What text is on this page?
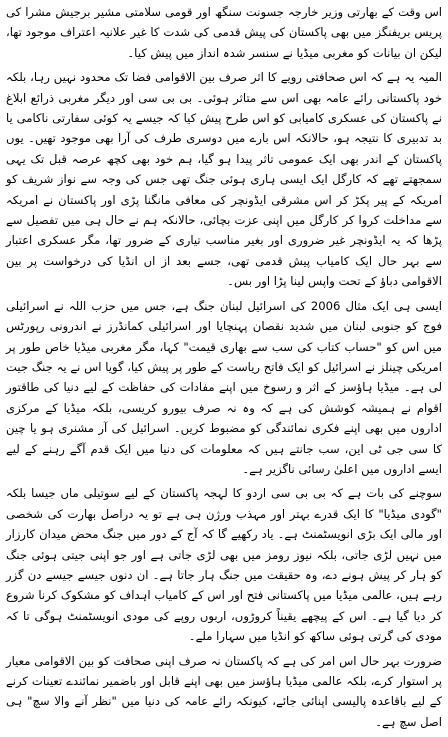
اس وقت کے بھارتی وزیر خارجہ جسونت سنگھ اور قومی سلامتی مشیر برجیش مشرا کی پریس بریفنگز میں بھی پاکستان کی پیش قدمی کی شدت کا غیر علانیہ اعتراف موجود تھا، لیکن ان بیانات کو مغربی میڈیا نے سنسر شدہ انداز میں پیش کیا۔

المیہ یہ ہے کہ اس صحافتی رویے کا اثر صرف بین الاقوامی فضا تک محدود نہیں رہا، بلکہ خود پاکستانی رائے عامہ بھی اس سے متاثر ہوئی۔ بی بی سی اور دیگر مغربی ذرائع ابلاغ نے پاکستان کی عسکری کامیابی کو اس طرح پیش کیا کہ جیسے یہ کوئی سفارتی ناکامی یا بد تدبیری کا نتیجہ ہو، حالانکہ اس بارے میں دوسری طرف کی آرا بھی موجود تھیں۔ یوں پاکستان کے اندر بھی ایک عمومی تاثر پیدا ہو گیا، ہم خود بھی کچھ عرصہ قبل تک یہی سمجھتے تھے کہ کارگل ایک ایسی ہاری ہوئی جنگ تھی جس کی وجہ سے نواز شریف کو امریکہ کے پیر پکڑ کر اس مشرقی ایڈونچر کی معافی مانگنا پڑی اور پاکستان نے امریکہ سے مداخلت کروا کر کارگل میں اپنی عزت بچائی، حالانکہ ہم نے حال ہی میں تفصیل سے پڑھا کہ یہ ایڈونچر غیر ضروری اور بغیر مناسب تیاری کے ضرور تھا، مگر عسکری اعتبار سے بہر حال ایک کامیاب پیش قدمی تھی، جسے بعد از اں انڈیا کی درخواست پر بین الاقوامی دباؤ کے تحت واپس لینا پڑا اور بس۔

ایسی ہی ایک مثال 2006 کی اسرائیل لبنان جنگ ہے، جس میں حزب اللہ نے اسرائیلی فوج کو جنوبی لبنان میں شدید نقصان پہنچایا اور اسرائیلی کمانڈرز نے اندرونی رپورٹس میں اس کو "حساب کتاب کی سب سے بھاری قیمت" کہا، مگر مغربی میڈیا خاص طور پر امریکی چینلز نے اسرائیل کو ایک فاتح ریاست کے طور پر پیش کیا، گویا اس نے یہ جنگ جیت لی ہے۔ میڈیا ہاؤسز کے اثر و رسوخ میں اپنے مفادات کی حفاظت کے لیے دنیا کی طاقتور اقوام نے ہمیشہ کوشش کی ہے کہ وہ نہ صرف بیورو کریسی، بلکہ میڈیا کے مرکزی اداروں میں بھی اپنے فکری نمائندگی کو مضبوط کریں۔ اسرائیل کی آر مشنری ہو یا چین کا سی جی ٹی این، سب جانتے ہیں کہ معلومات کی دنیا میں ایک قدم آگے رہنے کے لیے ایسے اداروں میں اعلیٰ رسائی ناگزیر ہے۔

سوچنے کی بات ہے کہ بی بی سی اردو کا لہجہ پاکستان کے لیے سوتیلی ماں جیسا بلکہ "گودی میڈیا" کا ایک قدرے بہتر اور مہذب ورژن ہی ہے تو یہ دراصل بھارت کی شخصی اور مالی ایک بڑی انویسٹمنٹ ہے۔ یاد رکھیے گا کہ آج کے دور میں جنگ محض میدان کارزار میں نہیں لڑی جاتی، بلکہ نیوز رومز میں بھی لڑی جاتی ہے اور جو اپنی جیتی ہوئی جنگ کو ہار کر پیش ہونے دے، وہ حقیقت میں جنگ ہار جاتا ہے۔ ان دنوں جیسے جیسے دن گزر رہے ہیں، عالمی میڈیا میں پاکستانی فتح اور اس کے کامیاب اہداف کو مشکوک کرنا شروع کر دیا گیا ہے۔ اس کے پیچھے یقیناً کروڑوں، اربوں روپے کی مودی انویسٹمنٹ ہوگی تا کہ مودی کی گرتی ہوئی ساکھ کو انڈیا میں سہارا ملے۔

ضرورت بہر حال اس امر کی ہے کہ پاکستان نہ صرف اپنی صحافت کو بین الاقوامی معیار پر استوار کرے، بلکہ عالمی میڈیا ہاؤسز میں بھی اپنے قابل اور باضمیر نمائندے تعینات کرنے کے لیے باقاعدہ پالیسی اپنائی جائے، کیونکہ رائے عامہ کی دنیا میں "نظر آنے والا سچ" ہی اصل سچ ہے۔
